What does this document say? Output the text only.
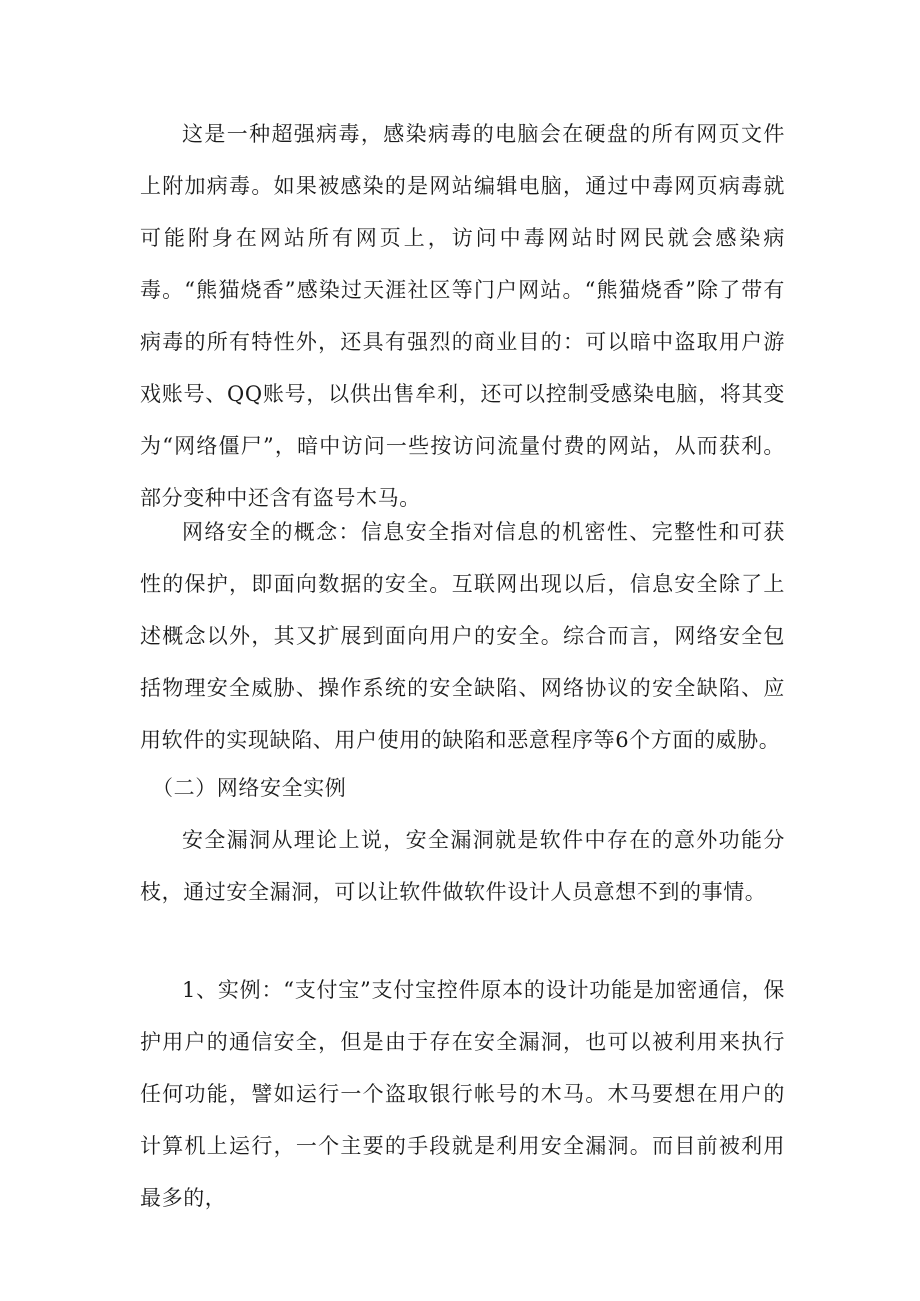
这是一种超强病毒，感染病毒的电脑会在硬盘的所有网页文件上附加病毒。如果被感染的是网站编辑电脑，通过中毒网页病毒就可能附身在网站所有网页上，访问中毒网站时网民就会感染病毒。“熊猫烧香”感染过天涯社区等门户网站。“熊猫烧香”除了带有病毒的所有特性外，还具有强烈的商业目的：可以暗中盗取用户游戏账号、QQ账号，以供出售牟利，还可以控制受感染电脑，将其变为“网络僵尸”，暗中访问一些按访问流量付费的网站，从而获利。部分变种中还含有盗号木马。

网络安全的概念：信息安全指对信息的机密性、完整性和可获性的保护，即面向数据的安全。互联网出现以后，信息安全除了上述概念以外，其又扩展到面向用户的安全。综合而言，网络安全包括物理安全威胁、操作系统的安全缺陷、网络协议的安全缺陷、应用软件的实现缺陷、用户使用的缺陷和恶意程序等6个方面的威胁。

（二）网络安全实例

安全漏洞从理论上说，安全漏洞就是软件中存在的意外功能分枝，通过安全漏洞，可以让软件做软件设计人员意想不到的事情。

1、实例：“支付宝”支付宝控件原本的设计功能是加密通信，保护用户的通信安全，但是由于存在安全漏洞，也可以被利用来执行任何功能，譬如运行一个盗取银行帐号的木马。木马要想在用户的计算机上运行，一个主要的手段就是利用安全漏洞。而目前被利用最多的，
